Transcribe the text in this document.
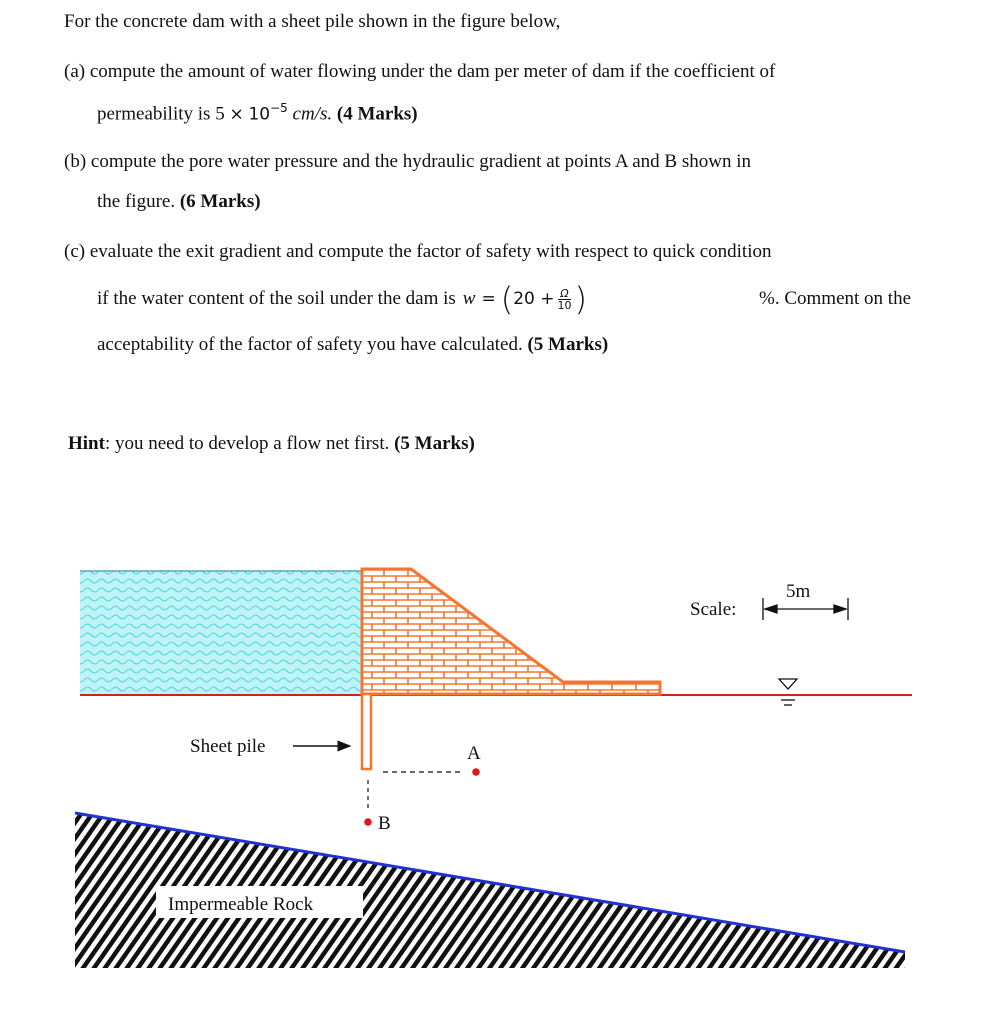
For the concrete dam with a sheet pile shown in the figure below,
(a) compute the amount of water flowing under the dam per meter of dam if the coefficient of
permeability is $5 \times 10^{-5}$ cm/s. (4 Marks)
(b) compute the pore water pressure and the hydraulic gradient at points A and B shown in
the figure. (6 Marks)
(c) evaluate the exit gradient and compute the factor of safety with respect to quick condition
if the water content of the soil under the dam is w = ( $20 + \frac{\Omega}{10}$ )	%. Comment on the
acceptability of the factor of safety you have calculated. (5 Marks)
Hint: you need to develop a flow net first. (5 Marks)
Sheet pile	A
B
Impermeable Rock
Scale:
5m
